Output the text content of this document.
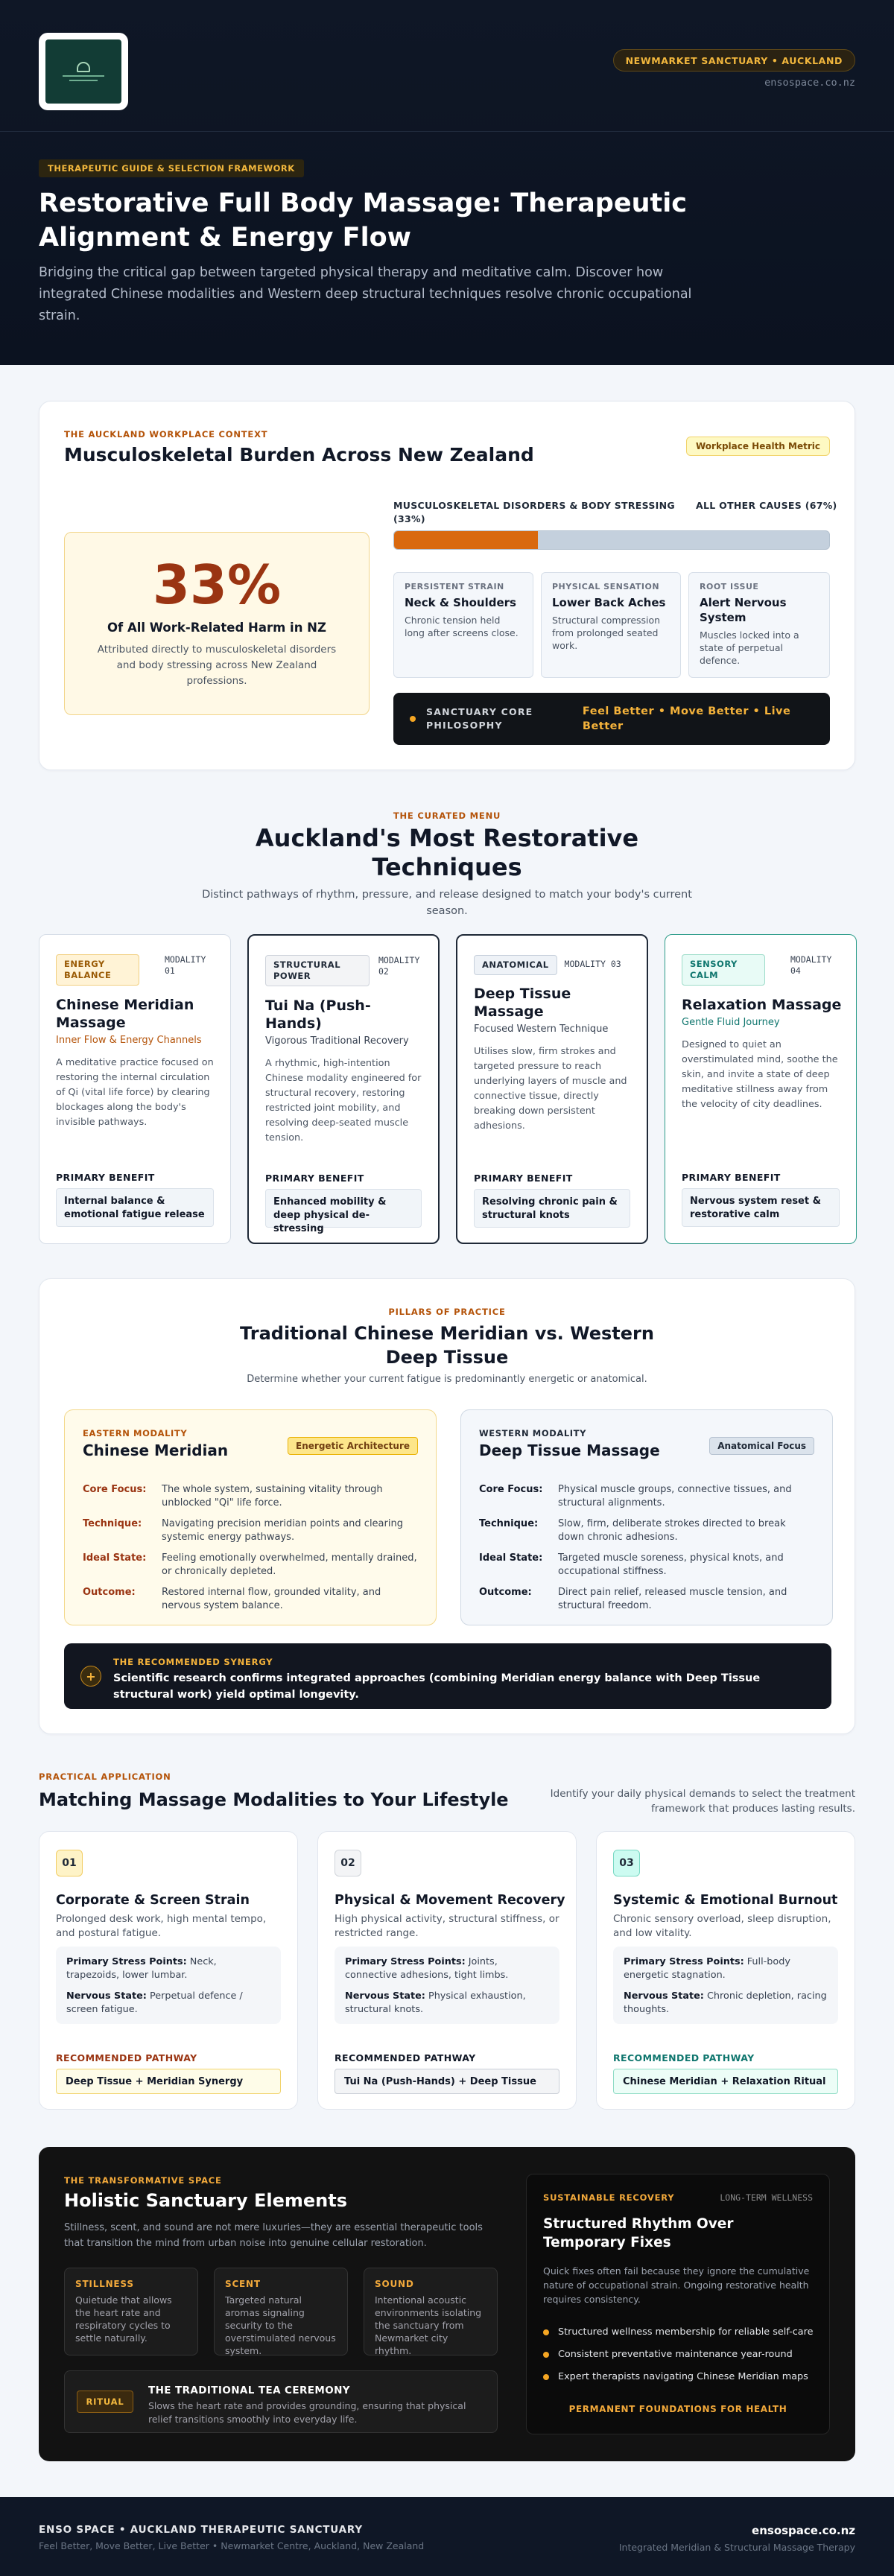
NEWMARKET SANCTUARY • AUCKLAND
ensospace.co.nz
THERAPEUTIC GUIDE & SELECTION FRAMEWORK
Restorative Full Body Massage: Therapeutic Alignment & Energy Flow

Bridging the critical gap between targeted physical therapy and meditative calm. Discover how integrated Chinese modalities and Western deep structural techniques resolve chronic occupational strain.

THE AUCKLAND WORKPLACE CONTEXT
Musculoskeletal Burden Across New Zealand	Workplace Health Metric
33%
Of All Work-Related Harm in NZ
Attributed directly to musculoskeletal disorders and body stressing across New Zealand professions.
MUSCULOSKELETAL DISORDERS & BODY STRESSING (33%)
ALL OTHER CAUSES (67%)
PERSISTENT STRAIN
Neck & Shoulders
Chronic tension held long after screens close.
PHYSICAL SENSATION
Lower Back Aches
Structural compression from prolonged seated work.
ROOT ISSUE
Alert Nervous System
Muscles locked into a state of perpetual defence.
SANCTUARY CORE PHILOSOPHY
Feel Better • Move Better • Live Better
THE CURATED MENU
Auckland's Most Restorative Techniques

Distinct pathways of rhythm, pressure, and release designed to match your body's current season.

ENERGY BALANCE
MODALITY 01
Chinese Meridian Massage
Inner Flow & Energy Channels

A meditative practice focused on restoring the internal circulation of Qi (vital life force) by clearing blockages along the body's invisible pathways.

PRIMARY BENEFIT
Internal balance & emotional fatigue release
STRUCTURAL POWER
MODALITY 02
Tui Na (Push-Hands)
Vigorous Traditional Recovery

A rhythmic, high-intention Chinese modality engineered for structural recovery, restoring restricted joint mobility, and resolving deep-seated muscle tension.

PRIMARY BENEFIT
Enhanced mobility & deep physical de-stressing
ANATOMICAL	MODALITY 03
Deep Tissue Massage
Focused Western Technique

Utilises slow, firm strokes and targeted pressure to reach underlying layers of muscle and connective tissue, directly breaking down persistent adhesions.

PRIMARY BENEFIT
Resolving chronic pain & structural knots
SENSORY CALM
MODALITY 04
Relaxation Massage
Gentle Fluid Journey

Designed to quiet an overstimulated mind, soothe the skin, and invite a state of deep meditative stillness away from the velocity of city deadlines.

PRIMARY BENEFIT
Nervous system reset & restorative calm
PILLARS OF PRACTICE
Traditional Chinese Meridian vs. Western Deep Tissue

Determine whether your current fatigue is predominantly energetic or anatomical.

EASTERN MODALITY
Chinese Meridian	Energetic Architecture
Core Focus:	The whole system, sustaining vitality through unblocked "Qi" life force.
Technique:	Navigating precision meridian points and clearing systemic energy pathways.
Ideal State:	Feeling emotionally overwhelmed, mentally drained, or chronically depleted.
Outcome:	Restored internal flow, grounded vitality, and nervous system balance.
WESTERN MODALITY
Deep Tissue Massage	Anatomical Focus
Core Focus:	Physical muscle groups, connective tissues, and structural alignments.
Technique:	Slow, firm, deliberate strokes directed to break down chronic adhesions.
Ideal State:	Targeted muscle soreness, physical knots, and occupational stiffness.
Outcome:	Direct pain relief, released muscle tension, and structural freedom.
+
THE RECOMMENDED SYNERGY
Scientific research confirms integrated approaches (combining Meridian energy balance with Deep Tissue structural work) yield optimal longevity.
PRACTICAL APPLICATION
Matching Massage Modalities to Your Lifestyle	Identify your daily physical demands to select the treatment framework that produces lasting results.

01
Corporate & Screen Strain

Prolonged desk work, high mental tempo, and postural fatigue.

Primary Stress Points: Neck, trapezoids, lower lumbar.
Nervous State: Perpetual defence / screen fatigue.
RECOMMENDED PATHWAY
Deep Tissue + Meridian Synergy
02
Physical & Movement Recovery

High physical activity, structural stiffness, or restricted range.

Primary Stress Points: Joints, connective adhesions, tight limbs.
Nervous State: Physical exhaustion, structural knots.
RECOMMENDED PATHWAY
Tui Na (Push-Hands) + Deep Tissue
03
Systemic & Emotional Burnout

Chronic sensory overload, sleep disruption, and low vitality.

Primary Stress Points: Full-body energetic stagnation.
Nervous State: Chronic depletion, racing thoughts.
RECOMMENDED PATHWAY
Chinese Meridian + Relaxation Ritual
THE TRANSFORMATIVE SPACE
Holistic Sanctuary Elements

Stillness, scent, and sound are not mere luxuries—they are essential therapeutic tools that transition the mind from urban noise into genuine cellular restoration.

STILLNESS
Quietude that allows the heart rate and respiratory cycles to settle naturally.
SCENT
Targeted natural aromas signaling security to the overstimulated nervous system.
SOUND
Intentional acoustic environments isolating the sanctuary from Newmarket city rhythm.
RITUAL
THE TRADITIONAL TEA CEREMONY
Slows the heart rate and provides grounding, ensuring that physical relief transitions smoothly into everyday life.
SUSTAINABLE RECOVERY	LONG-TERM WELLNESS
Structured Rhythm Over Temporary Fixes

Quick fixes often fail because they ignore the cumulative nature of occupational strain. Ongoing restorative health requires consistency.

Structured wellness membership for reliable self-care
Consistent preventative maintenance year-round
Expert therapists navigating Chinese Meridian maps
PERMANENT FOUNDATIONS FOR HEALTH
ENSO SPACE • AUCKLAND THERAPEUTIC SANCTUARY
Feel Better, Move Better, Live Better • Newmarket Centre, Auckland, New Zealand
ensospace.co.nz
Integrated Meridian & Structural Massage Therapy
